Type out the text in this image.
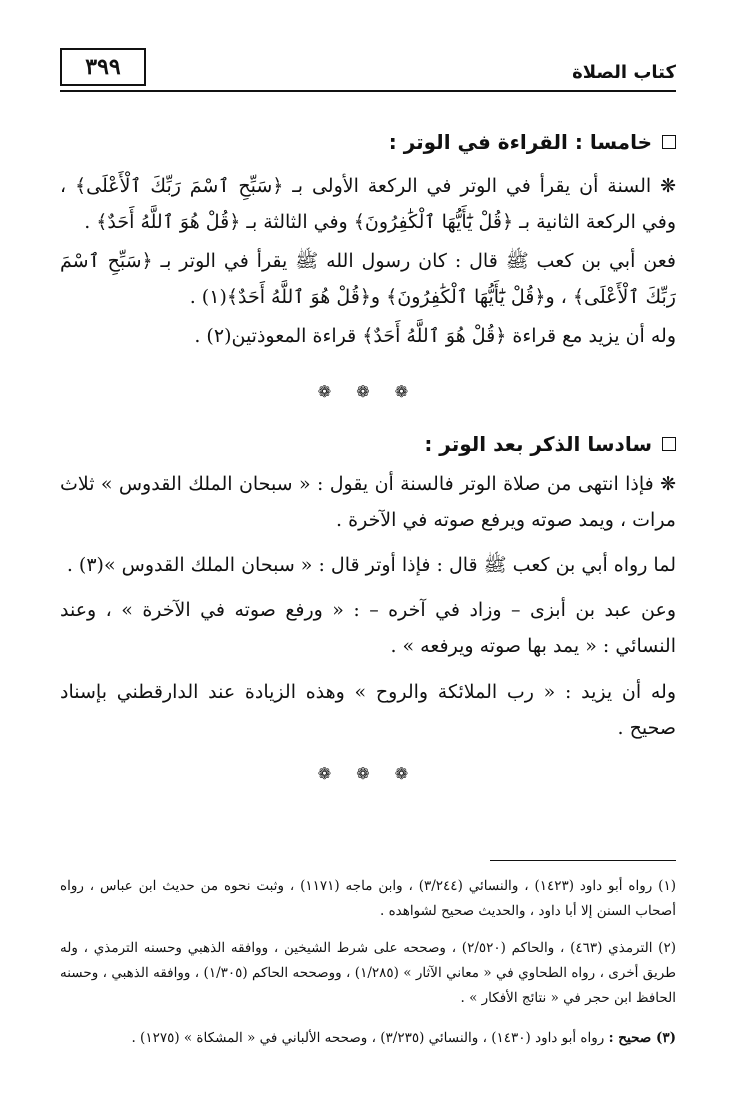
٣٩٩	كتاب الصلاة
خامسا : القراءة في الوتر :
❋ السنة أن يقرأ في الوتر في الركعة الأولى بـ ﴿سَبِّحِ ٱسْمَ رَبِّكَ ٱلْأَعْلَى﴾ ، وفي الركعة الثانية بـ ﴿قُلْ يَٰٓأَيُّهَا ٱلْكَٰفِرُونَ﴾ وفي الثالثة بـ ﴿قُلْ هُوَ ٱللَّهُ أَحَدٌ﴾ .
فعن أبي بن كعب ﷺ قال : كان رسول الله ﷺ يقرأ في الوتر بـ ﴿سَبِّحِ ٱسْمَ رَبِّكَ ٱلْأَعْلَى﴾ ، و﴿قُلْ يَٰٓأَيُّهَا ٱلْكَٰفِرُونَ﴾ و﴿قُلْ هُوَ ٱللَّهُ أَحَدٌ﴾(١) .
وله أن يزيد مع قراءة ﴿قُلْ هُوَ ٱللَّهُ أَحَدٌ﴾ قراءة المعوذتين(٢) .
❁ ❁ ❁
سادسا الذكر بعد الوتر :
❋ فإذا انتهى من صلاة الوتر فالسنة أن يقول : « سبحان الملك القدوس » ثلاث مرات ، ويمد صوته ويرفع صوته في الآخرة .
لما رواه أبي بن كعب ﷺ قال : فإذا أوتر قال : « سبحان الملك القدوس »(٣) .
وعن عبد بن أبزى – وزاد في آخره – : « ورفع صوته في الآخرة » ، وعند النسائي : « يمد بها صوته ويرفعه » .
وله أن يزيد : « رب الملائكة والروح » وهذه الزيادة عند الدارقطني بإسناد صحيح .
❁ ❁ ❁
(١) رواه أبو داود (١٤٢٣) ، والنسائي (٣/٢٤٤) ، وابن ماجه (١١٧١) ، وثبت نحوه من حديث ابن عباس ، رواه أصحاب السنن إلا أبا داود ، والحديث صحيح لشواهده .
(٢) الترمذي (٤٦٣) ، والحاكم (٢/٥٢٠) ، وصححه على شرط الشيخين ، ووافقه الذهبي وحسنه الترمذي ، وله طريق أخرى ، رواه الطحاوي في « معاني الآثار » (١/٢٨٥) ، ووصححه الحاكم (١/٣٠٥) ، ووافقه الذهبي ، وحسنه الحافظ ابن حجر في « نتائج الأفكار » .
(٣) صحيح : رواه أبو داود (١٤٣٠) ، والنسائي (٣/٢٣٥) ، وصححه الألباني في « المشكاة » (١٢٧٥) .
